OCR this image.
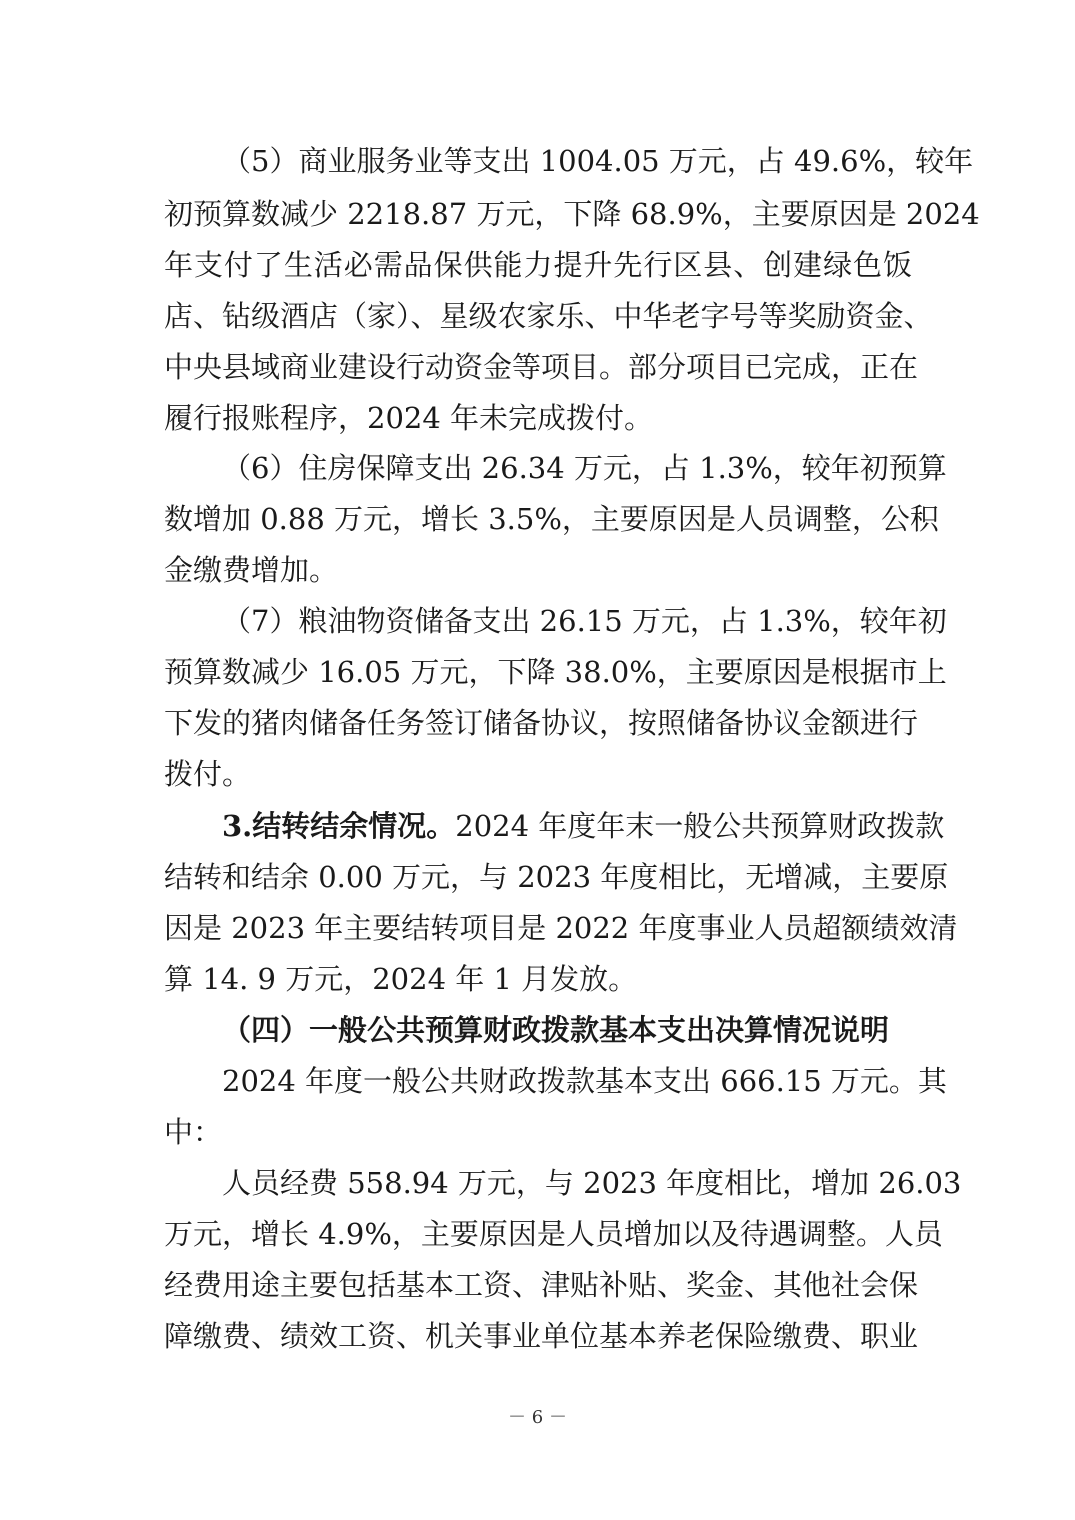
（5）商业服务业等支出 1004.05 万元，占 49.6%，较年
初预算数减少 2218.87 万元，下降 68.9%，主要原因是 2024
年支付了生活必需品保供能力提升先行区县、创建绿色饭
店、钻级酒店（家）、星级农家乐、中华老字号等奖励资金、
中央县域商业建设行动资金等项目。部分项目已完成，正在
履行报账程序，2024 年未完成拨付。
（6）住房保障支出 26.34 万元，占 1.3%，较年初预算
数增加 0.88 万元，增长 3.5%，主要原因是人员调整，公积
金缴费增加。
（7）粮油物资储备支出 26.15 万元，占 1.3%，较年初
预算数减少 16.05 万元，下降 38.0%，主要原因是根据市上
下发的猪肉储备任务签订储备协议，按照储备协议金额进行
拨付。
3.结转结余情况。2024 年度年末一般公共预算财政拨款
结转和结余 0.00 万元，与 2023 年度相比，无增减，主要原
因是 2023 年主要结转项目是 2022 年度事业人员超额绩效清
算 14. 9 万元，2024 年 1 月发放。
（四）一般公共预算财政拨款基本支出决算情况说明
2024 年度一般公共财政拨款基本支出 666.15 万元。其
中：
人员经费 558.94 万元，与 2023 年度相比，增加 26.03
万元，增长 4.9%，主要原因是人员增加以及待遇调整。人员
经费用途主要包括基本工资、津贴补贴、奖金、其他社会保
障缴费、绩效工资、机关事业单位基本养老保险缴费、职业
－ 6 －
